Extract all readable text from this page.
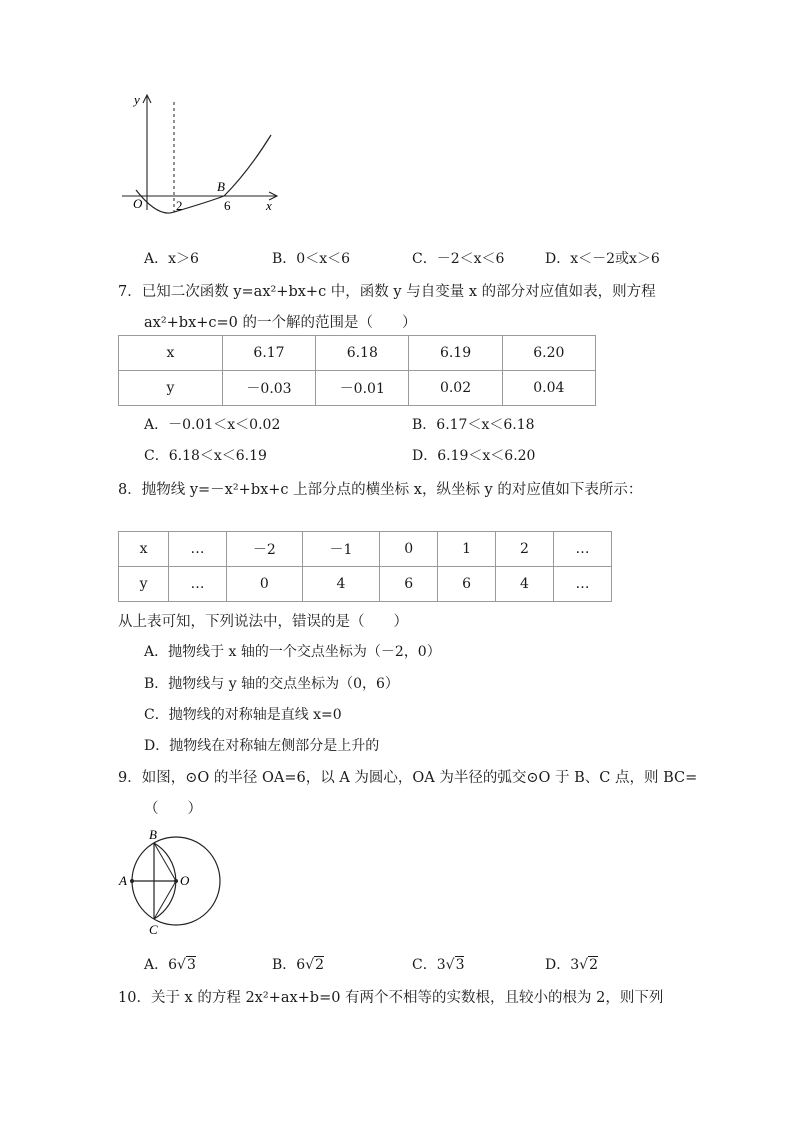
y
O	2	6
B
x
A．x＞6	B．0＜x＜6	C．－2＜x＜6	D．x＜－2或x＞6
7．已知二次函数 y=ax²+bx+c 中，函数 y 与自变量 x 的部分对应值如表，则方程
ax²+bx+c=0 的一个解的范围是（　　）
x	6.17	6.18	6.19	6.20
y	－0.03	－0.01	0.02	0.04
A．－0.01＜x＜0.02	B．6.17＜x＜6.18
C．6.18＜x＜6.19	D．6.19＜x＜6.20
8．抛物线 y=－x²+bx+c 上部分点的横坐标 x，纵坐标 y 的对应值如下表所示：
x	…	－2	－1	0	1	2	…
y	…	0	4	6	6	4	…
从上表可知，下列说法中，错误的是（　　）
A．抛物线于 x 轴的一个交点坐标为（－2，0）
B．抛物线与 y 轴的交点坐标为（0，6）
C．抛物线的对称轴是直线 x=0
D．抛物线在对称轴左侧部分是上升的
9．如图，⊙O 的半径 OA=6，以 A 为圆心，OA 为半径的弧交⊙O 于 B、C 点，则 BC=
（　　）
B
A	O
C
A．6√3	B．6√2	C．3√3	D．3√2
10．关于 x 的方程 2x²+ax+b=0 有两个不相等的实数根，且较小的根为 2，则下列
